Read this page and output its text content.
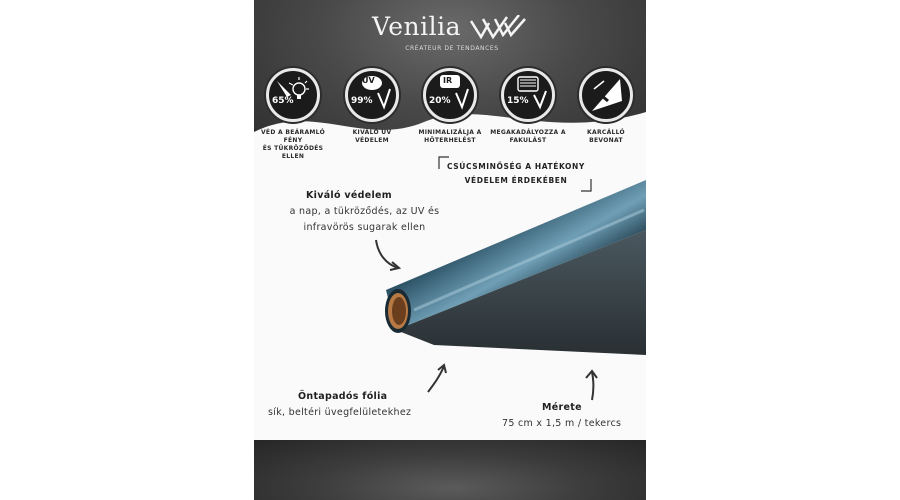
Venilia
CRÉATEUR DE TENDANCES
65%
VÉD A BEÁRAMLÓ FÉNY
ÉS TÜKRÖZŐDÉS ELLEN
UV
99%
KIVÁLÓ UV
VÉDELEM
IR
20%
MINIMALIZÁLJA A
HŐTERHELÉST
15%
MEGAKADÁLYOZZA A
FAKULÁST
KARCÁLLÓ
BEVONAT
CSÚCSMINŐSÉG A HATÉKONY
VÉDELEM ÉRDEKÉBEN
Kiváló védelem
a nap, a tükröződés, az UV és
infravörös sugarak ellen
Öntapadós fólia
sík, beltéri üvegfelületekhez	Mérete
75 cm x 1,5 m / tekercs
